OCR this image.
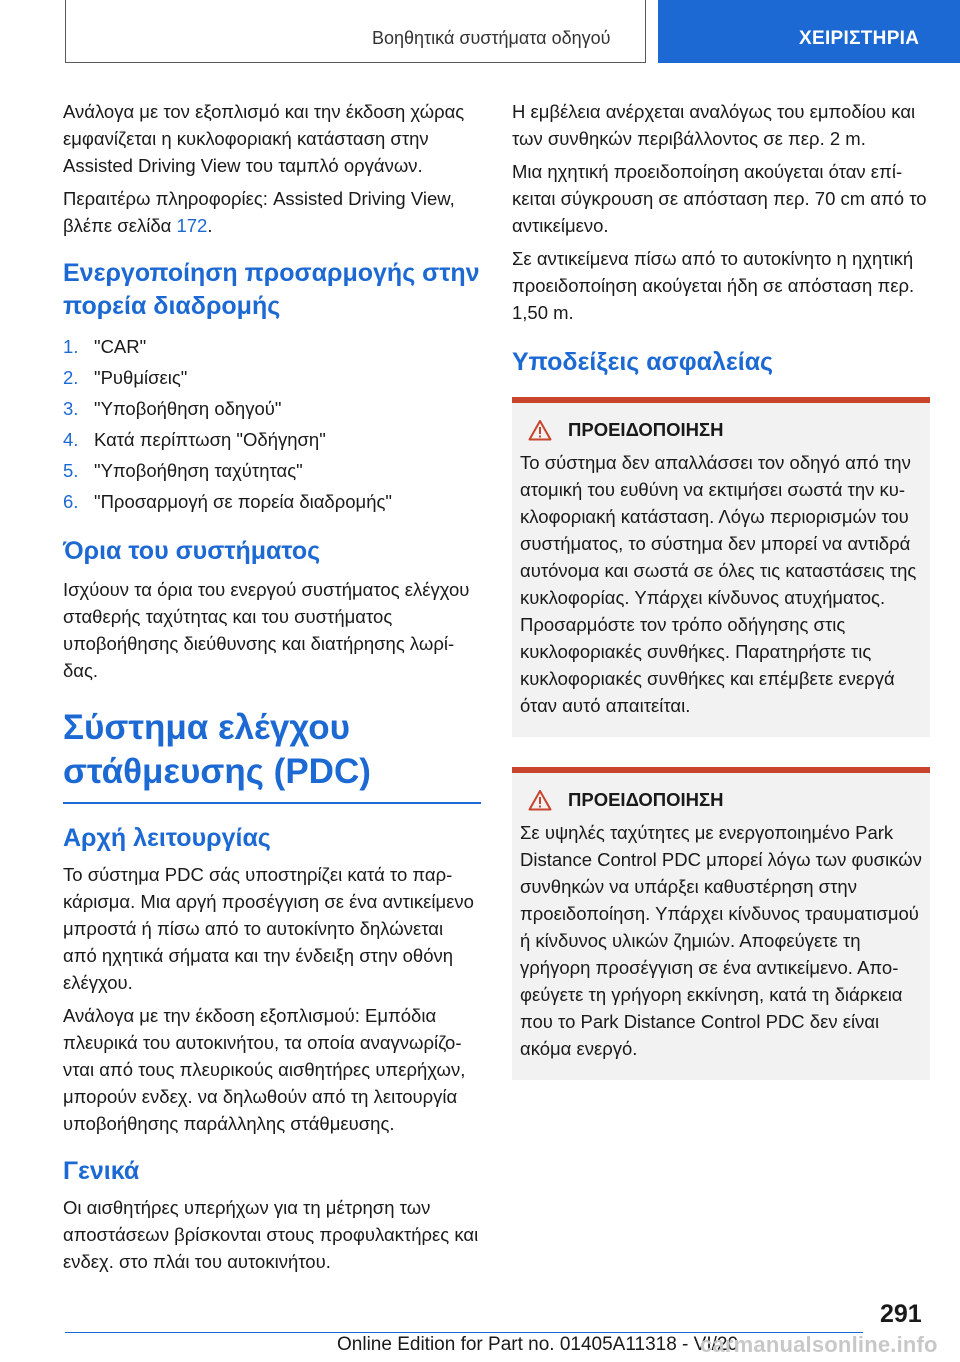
Βοηθητικά συστήματα οδηγού	ΧΕΙΡΙΣΤΗΡΙΑ

Ανάλογα με τον εξοπλισμό και την έκδοση χώρας εμφανίζεται η κυκλοφοριακή κατάσταση στην Assisted Driving View του ταμπλό οργάνων.

Περαιτέρω πληροφορίες: Assisted Driving View, βλέπε σελίδα 172.

Ενεργοποίηση προσαρμογής στην πορεία διαδρομής
1. "CAR"
2. "Ρυθμίσεις"
3. "Υποβοήθηση οδηγού"
4. Κατά περίπτωση "Οδήγηση"
5. "Υποβοήθηση ταχύτητας"
6. "Προσαρμογή σε πορεία διαδρομής"
Όρια του συστήματος

Ισχύουν τα όρια του ενεργού συστήματος ελέγχου σταθερής ταχύτητας και του συστήματος υποβοήθησης διεύθυνσης και διατήρησης λωρίδας.

Σύστημα ελέγχου στάθμευσης (PDC)
Αρχή λειτουργίας

Το σύστημα PDC σάς υποστηρίζει κατά το παρκάρισμα. Μια αργή προσέγγιση σε ένα αντικείμενο μπροστά ή πίσω από το αυτοκίνητο δηλώνεται από ηχητικά σήματα και την ένδειξη στην οθόνη ελέγχου.

Ανάλογα με την έκδοση εξοπλισμού: Εμπόδια πλευρικά του αυτοκινήτου, τα οποία αναγνωρίζονται από τους πλευρικούς αισθητήρες υπερήχων, μπορούν ενδεχ. να δηλωθούν από τη λειτουργία υποβοήθησης παράλληλης στάθμευσης.

Γενικά

Οι αισθητήρες υπερήχων για τη μέτρηση των αποστάσεων βρίσκονται στους προφυλακτήρες και ενδεχ. στο πλάι του αυτοκινήτου.

Η εμβέλεια ανέρχεται αναλόγως του εμποδίου και των συνθηκών περιβάλλοντος σε περ. 2 m.

Μια ηχητική προειδοποίηση ακούγεται όταν επίκειται σύγκρουση σε απόσταση περ. 70 cm από το αντικείμενο.

Σε αντικείμενα πίσω από το αυτοκίνητο η ηχητική προειδοποίηση ακούγεται ήδη σε απόσταση περ. 1,50 m.

Υποδείξεις ασφαλείας
ΠΡΟΕΙΔΟΠΟΙΗΣΗ

Το σύστημα δεν απαλλάσσει τον οδηγό από την ατομική του ευθύνη να εκτιμήσει σωστά την κυκλοφοριακή κατάσταση. Λόγω περιορισμών του συστήματος, το σύστημα δεν μπορεί να αντιδρά αυτόνομα και σωστά σε όλες τις καταστάσεις της κυκλοφορίας. Υπάρχει κίνδυνος ατυχήματος. Προσαρμόστε τον τρόπο οδήγησης στις κυκλοφοριακές συνθήκες. Παρατηρήστε τις κυκλοφοριακές συνθήκες και επέμβετε ενεργά όταν αυτό απαιτείται.

ΠΡΟΕΙΔΟΠΟΙΗΣΗ

Σε υψηλές ταχύτητες με ενεργοποιημένο Park Distance Control PDC μπορεί λόγω των φυσικών συνθηκών να υπάρξει καθυστέρηση στην προειδοποίηση. Υπάρχει κίνδυνος τραυματισμού ή κίνδυνος υλικών ζημιών. Αποφεύγετε τη γρήγορη προσέγγιση σε ένα αντικείμενο. Αποφεύγετε τη γρήγορη εκκίνηση, κατά τη διάρκεια που το Park Distance Control PDC δεν είναι ακόμα ενεργό.

291
Online Edition for Part no. 01405A11318 - VI/20
carmanualsonline.info
